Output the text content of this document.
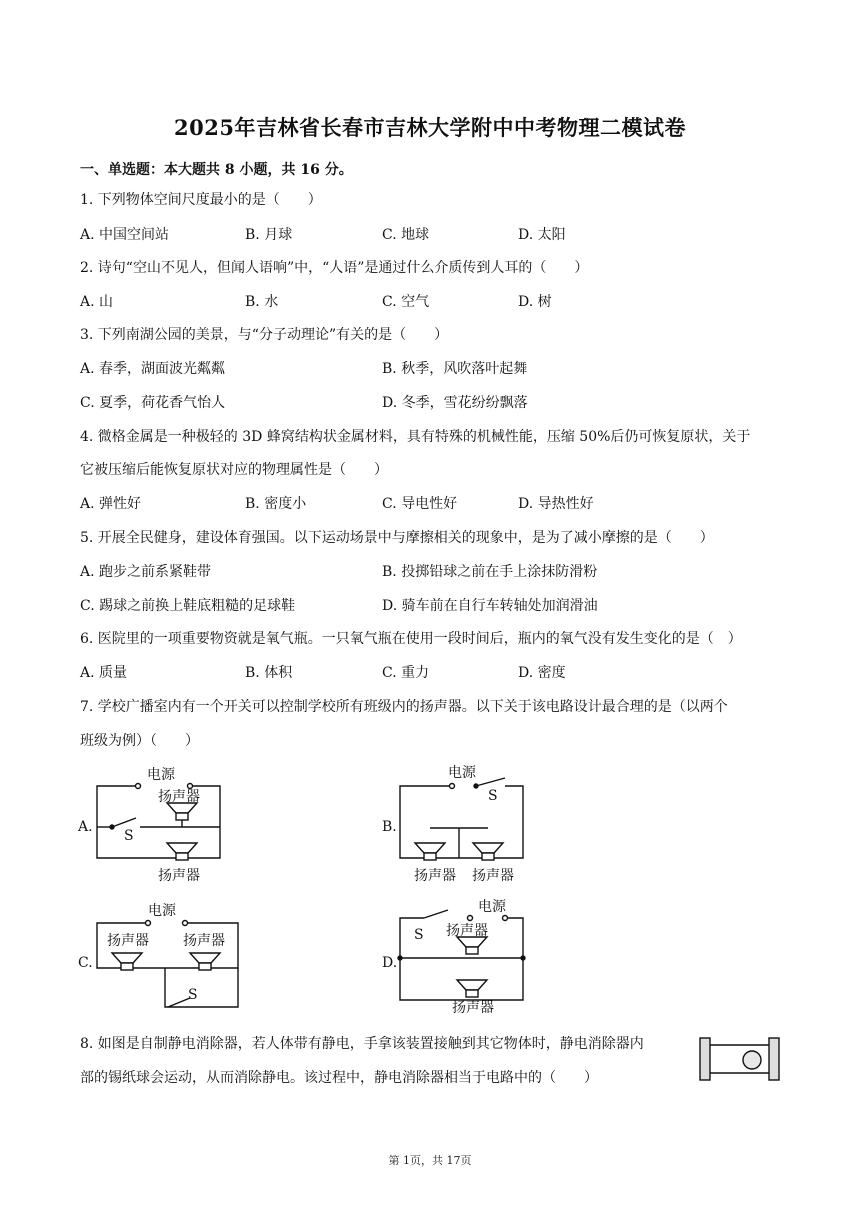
2025年吉林省长春市吉林大学附中中考物理二模试卷
一、单选题：本大题共 8 小题，共 16 分。
1. 下列物体空间尺度最小的是（　　）
A. 中国空间站	B. 月球	C. 地球	D. 太阳
2. 诗句“空山不见人，但闻人语响”中，“人语”是通过什么介质传到人耳的（　　）
A. 山	B. 水	C. 空气	D. 树
3. 下列南湖公园的美景，与“分子动理论”有关的是（　　）
A. 春季，湖面波光粼粼	B. 秋季，风吹落叶起舞
C. 夏季，荷花香气怡人	D. 冬季，雪花纷纷飘落
4. 微格金属是一种极轻的 3D 蜂窝结构状金属材料，具有特殊的机械性能，压缩 50%后仍可恢复原状，关于
它被压缩后能恢复原状对应的物理属性是（　　）
A. 弹性好	B. 密度小	C. 导电性好	D. 导热性好
5. 开展全民健身，建设体育强国。以下运动场景中与摩擦相关的现象中，是为了减小摩擦的是（　　）
A. 跑步之前系紧鞋带	B. 投掷铅球之前在手上涂抹防滑粉
C. 踢球之前换上鞋底粗糙的足球鞋	D. 骑车前在自行车转轴处加润滑油
6. 医院里的一项重要物资就是氧气瓶。一只氧气瓶在使用一段时间后，瓶内的氧气没有发生变化的是（　）
A. 质量	B. 体积	C. 重力	D. 密度
7. 学校广播室内有一个开关可以控制学校所有班级内的扬声器。以下关于该电路设计最合理的是（以两个
班级为例）（　　）
A.	B.
C.	D.
电源
扬声器
S
扬声器
电源
S
扬声器 扬声器
电源
扬声器 扬声器
S
电源
S 扬声器
扬声器
8. 如图是自制静电消除器，若人体带有静电，手拿该装置接触到其它物体时，静电消除器内
部的锡纸球会运动，从而消除静电。该过程中，静电消除器相当于电路中的（　　）
第 1页，共 17页
